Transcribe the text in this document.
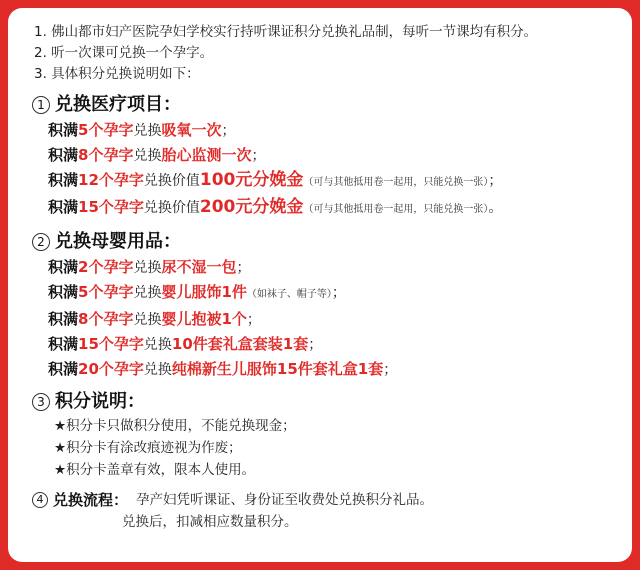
1. 佛山都市妇产医院孕妇学校实行持听课证积分兑换礼品制，每听一节课均有积分。
2. 听一次课可兑换一个孕字。
3. 具体积分兑换说明如下：
1 兑换医疗项目：
积满5个孕字兑换吸氧一次；
积满8个孕字兑换胎心监测一次；
积满12个孕字兑换价值100元分娩金（可与其他抵用卷一起用，只能兑换一张）；
积满15个孕字兑换价值200元分娩金（可与其他抵用卷一起用，只能兑换一张）。
2 兑换母婴用品：
积满2个孕字兑换尿不湿一包；
积满5个孕字兑换婴儿服饰1件（如袜子、帽子等）；
积满8个孕字兑换婴儿抱被1个；
积满15个孕字兑换10件套礼盒套装1套；
积满20个孕字兑换纯棉新生儿服饰15件套礼盒1套；
3 积分说明：
★积分卡只做积分使用，不能兑换现金；
★积分卡有涂改痕迹视为作废；
★积分卡盖章有效，限本人使用。
4 兑换流程： 孕产妇凭听课证、身份证至收费处兑换积分礼品。
兑换后，扣减相应数量积分。
